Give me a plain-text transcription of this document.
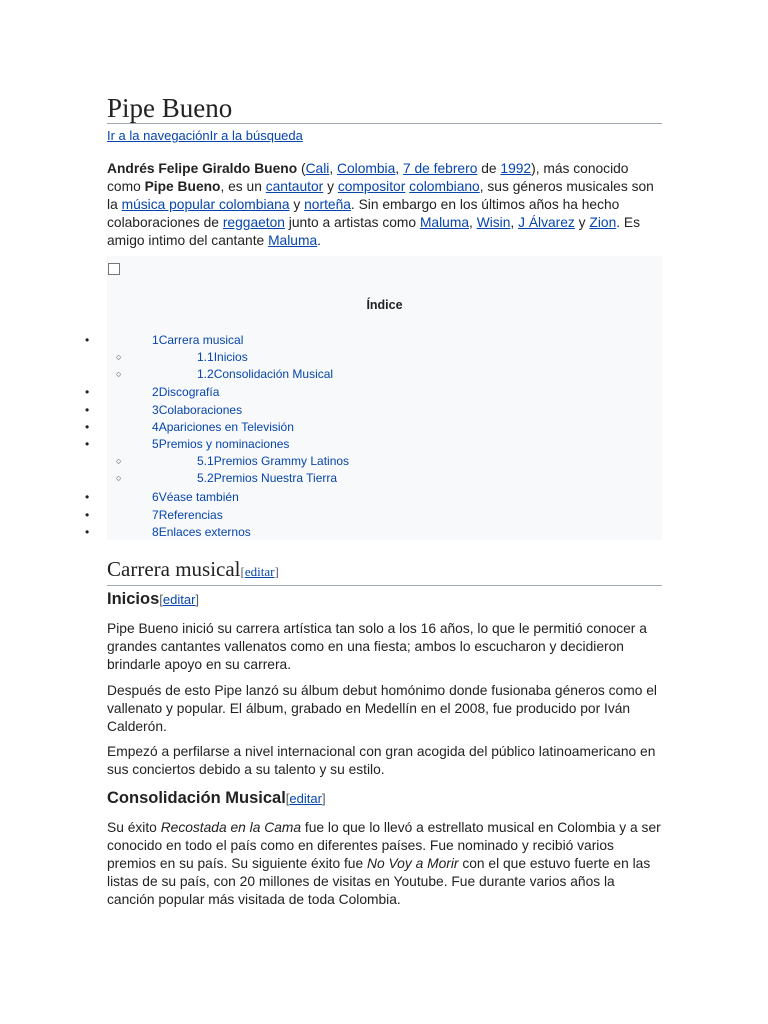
Pipe Bueno
Ir a la navegaciónIr a la búsqueda

Andrés Felipe Giraldo Bueno (Cali, Colombia, 7 de febrero de 1992), más conocido como Pipe Bueno, es un cantautor y compositor colombiano, sus géneros musicales son la música popular colombiana y norteña. Sin embargo en los últimos años ha hecho colaboraciones de reggaeton junto a artistas como Maluma, Wisin, J Álvarez y Zion. Es amigo intimo del cantante Maluma.

Índice
•	1Carrera musical
○	1.1Inicios
○	1.2Consolidación Musical
•	2Discografía
•	3Colaboraciones
•	4Apariciones en Televisión
•	5Premios y nominaciones
○	5.1Premios Grammy Latinos
○	5.2Premios Nuestra Tierra
•	6Véase también
•	7Referencias
•	8Enlaces externos
Carrera musical[editar]
Inicios[editar]

Pipe Bueno inició su carrera artística tan solo a los 16 años, lo que le permitió conocer a grandes cantantes vallenatos como en una fiesta; ambos lo escucharon y decidieron brindarle apoyo en su carrera.

Después de esto Pipe lanzó su álbum debut homónimo donde fusionaba géneros como el vallenato y popular. El álbum, grabado en Medellín en el 2008, fue producido por Iván Calderón.

Empezó a perfilarse a nivel internacional con gran acogida del público latinoamericano en sus conciertos debido a su talento y su estilo.

Consolidación Musical[editar]

Su éxito Recostada en la Cama fue lo que lo llevó a estrellato musical en Colombia y a ser conocido en todo el país como en diferentes países. Fue nominado y recibió varios premios en su país. Su siguiente éxito fue No Voy a Morir con el que estuvo fuerte en las listas de su país, con 20 millones de visitas en Youtube. Fue durante varios años la canción popular más visitada de toda Colombia.
